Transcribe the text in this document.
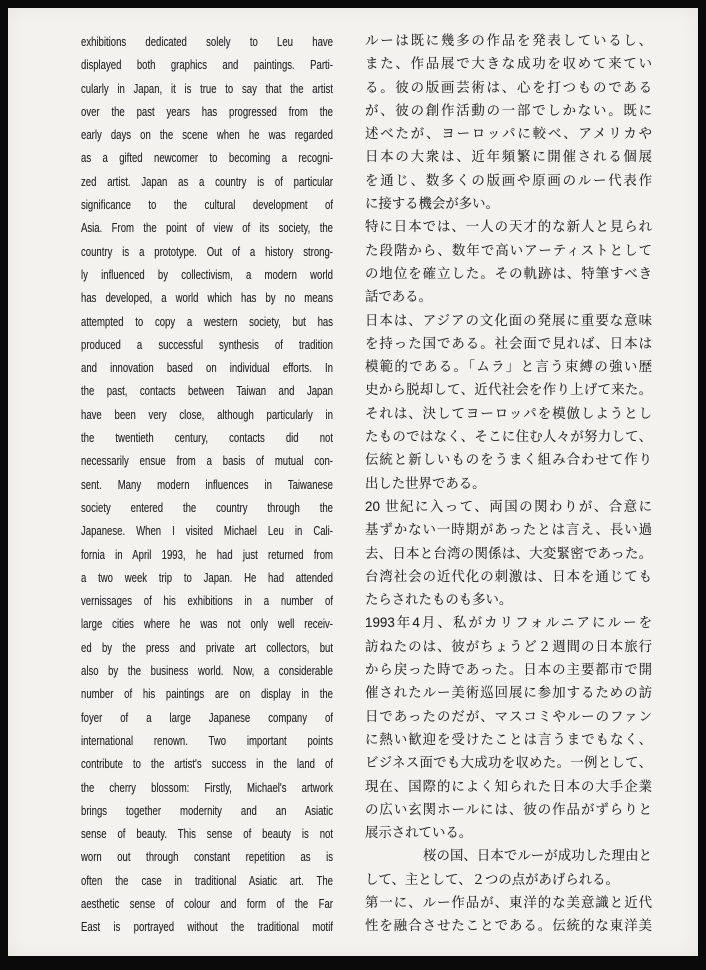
exhibitions dedicated solely to Leu have
displayed both graphics and paintings. Parti-
cularly in Japan, it is true to say that the artist
over the past years has progressed from the
early days on the scene when he was regarded
as a gifted newcomer to becoming a recogni-
zed artist. Japan as a country is of particular
significance to the cultural development of
Asia. From the point of view of its society, the
country is a prototype. Out of a history strong-
ly influenced by collectivism, a modern world
has developed, a world which has by no means
attempted to copy a western society, but has
produced a successful synthesis of tradition
and innovation based on individual efforts. In
the past, contacts between Taiwan and Japan
have been very close, although particularly in
the twentieth century, contacts did not
necessarily ensue from a basis of mutual con-
sent. Many modern influences in Taiwanese
society entered the country through the
Japanese. When I visited Michael Leu in Cali-
fornia in April 1993, he had just returned from
a two week trip to Japan. He had attended
vernissages of his exhibitions in a number of
large cities where he was not only well receiv-
ed by the press and private art collectors, but
also by the business world. Now, a considerable
number of his paintings are on display in the
foyer of a large Japanese company of
international renown. Two important points
contribute to the artist's success in the land of
the cherry blossom: Firstly, Michael's artwork
brings together modernity and an Asiatic
sense of beauty. This sense of beauty is not
worn out through constant repetition as is
often the case in traditional Asiatic art. The
aesthetic sense of colour and form of the Far
East is portrayed without the traditional motif
ルーは既に幾多の作品を発表しているし、
また、作品展で大きな成功を収めて来てい
る。彼の版画芸術は、心を打つものである
が、彼の創作活動の一部でしかない。既に
述べたが、ヨーロッパに較べ、アメリカや
日本の大衆は、近年頻繁に開催される個展
を通じ、数多くの版画や原画のルー代表作
に接する機会が多い。
特に日本では、一人の天才的な新人と見られ
た段階から、数年で高いアーティストとして
の地位を確立した。その軌跡は、特筆すべき
話である。
日本は、アジアの文化面の発展に重要な意味
を持った国である。社会面で見れば、日本は
模範的である。「ムラ」と言う束縛の強い歴
史から脱却して、近代社会を作り上げて来た。
それは、決してヨーロッパを模倣しようとし
たものではなく、そこに住む人々が努力して、
伝統と新しいものをうまく組み合わせて作り
出した世界である。
20 世紀に入って、両国の関わりが、合意に
基ずかない一時期があったとは言え、長い過
去、日本と台湾の関係は、大変緊密であった。
台湾社会の近代化の刺激は、日本を通じても
たらされたものも多い。
1993年4月、私がカリフォルニアにルーを
訪ねたのは、彼がちょうど２週間の日本旅行
から戻った時であった。日本の主要都市で開
催されたルー美術巡回展に参加するための訪
日であったのだが、マスコミやルーのファン
に熱い歓迎を受けたことは言うまでもなく、
ビジネス面でも大成功を収めた。一例として、
現在、国際的によく知られた日本の大手企業
の広い玄関ホールには、彼の作品がずらりと
展示されている。
桜の国、日本でルーが成功した理由と
して、主として、２つの点があげられる。
第一に、ルー作品が、東洋的な美意識と近代
性を融合させたことである。伝統的な東洋美
